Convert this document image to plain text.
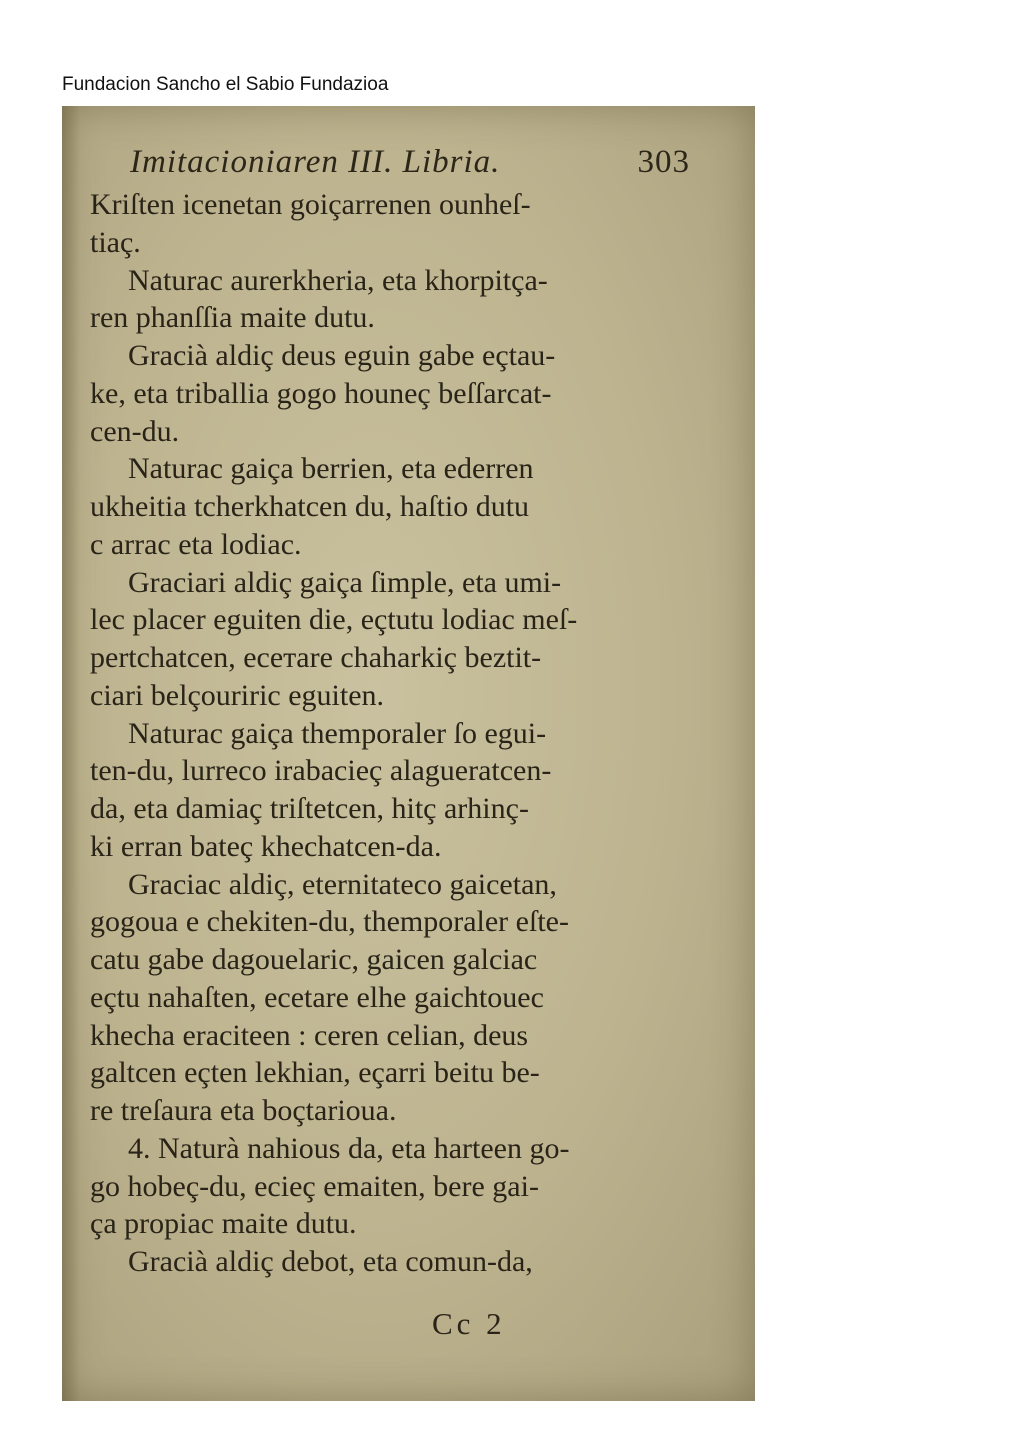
Fundacion Sancho el Sabio Fundazioa
Imitacioniaren III. Libria.	303
Kriſten icenetan goiçarrenen ounheſ-
tiaç.
Naturac aurerkheria, eta khorpitça-
ren phanſſia maite dutu.
Gracià aldiç deus eguin gabe eçtau-
ke, eta triballia gogo houneç beſſarcat-
cen-du.
Naturac gaiça berrien, eta ederren
ukheitia tcherkhatcen du, haſtio dutu
c arrac eta lodiac.
Graciari aldiç gaiça ſimple, eta umi-
lec placer eguiten die, eçtutu lodiac meſ-
pertchatcen, eceтare chaharkiç beztit-
ciari belçouriric eguiten.
Naturac gaiça themporaler ſo egui-
ten-du, lurreco irabacieç alagueratcen-
da, eta damiaç triſtetcen, hitç arhinç-
ki erran bateç khechatcen-da.
Graciac aldiç, eternitateco gaicetan,
gogoua e chekiten-du, themporaler eſte-
catu gabe dagouelaric, gaicen galciac
eçtu nahaſten, ecetare elhe gaichtouec
khechа eraciteen : ceren celian, deus
galtcen eçten lekhian, eçarri beitu be-
re treſaura eta boçtarioua.
4. Naturà nahious da, eta harteen go-
go hobeç-du, ecieç emaiten, bere gai-
ça propiac maite dutu.
Gracià aldiç debot, eta comun-da,
Cc 2
